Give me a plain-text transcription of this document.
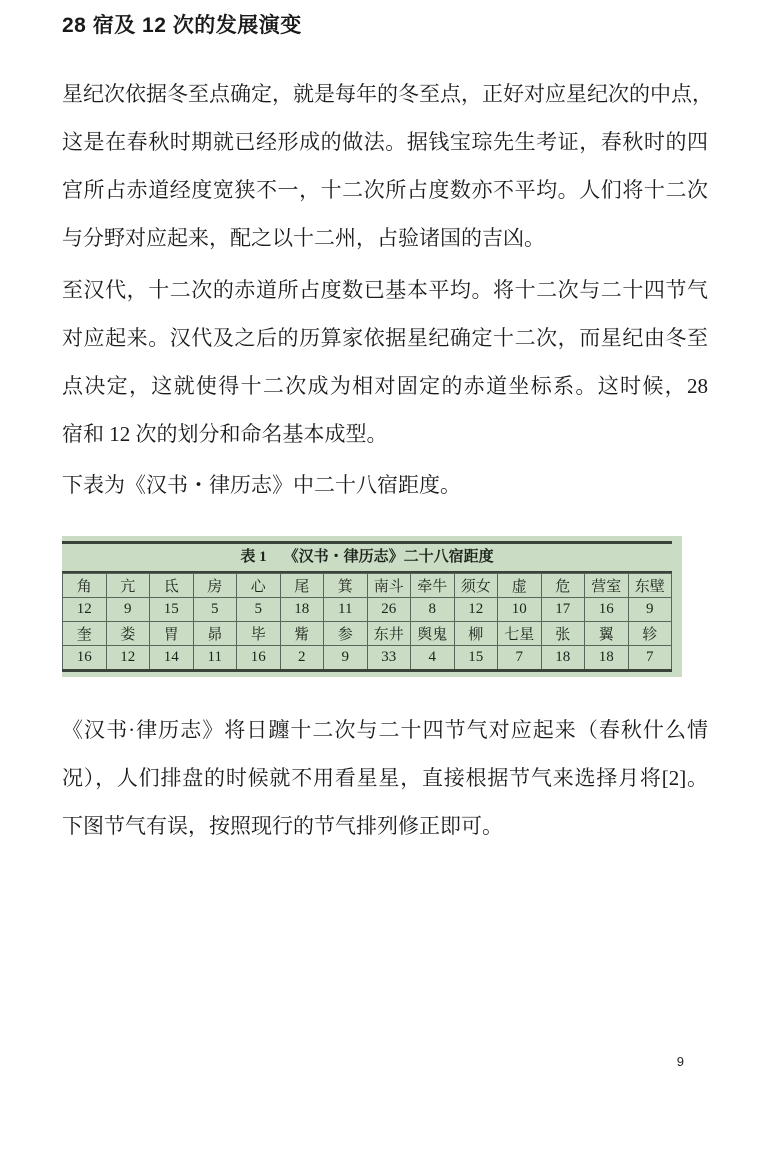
28 宿及 12 次的发展演变
星纪次依据冬至点确定，就是每年的冬至点，正好对应星纪次的中点，
这是在春秋时期就已经形成的做法。据钱宝琮先生考证，春秋时的四
宫所占赤道经度宽狭不一，十二次所占度数亦不平均。人们将十二次
与分野对应起来，配之以十二州，占验诸国的吉凶。
至汉代，十二次的赤道所占度数已基本平均。将十二次与二十四节气
对应起来。汉代及之后的历算家依据星纪确定十二次，而星纪由冬至
点决定，这就使得十二次成为相对固定的赤道坐标系。这时候，28
宿和 12 次的划分和命名基本成型。
下表为《汉书・律历志》中二十八宿距度。
表 1 《汉书・律历志》二十八宿距度
角	亢	氐	房	心	尾	箕	南斗	牵牛	须女	虚	危	营室	东壁
12	9	15	5	5	18	11	26	8	12	10	17	16	9
奎	娄	胃	昴	毕	觜	参	东井	舆鬼	柳	七星	张	翼	轸
16	12	14	11	16	2	9	33	4	15	7	18	18	7
《汉书·律历志》将日躔十二次与二十四节气对应起来（春秋什么情
况），人们排盘的时候就不用看星星，直接根据节气来选择月将[2]。
下图节气有误，按照现行的节气排列修正即可。
9
